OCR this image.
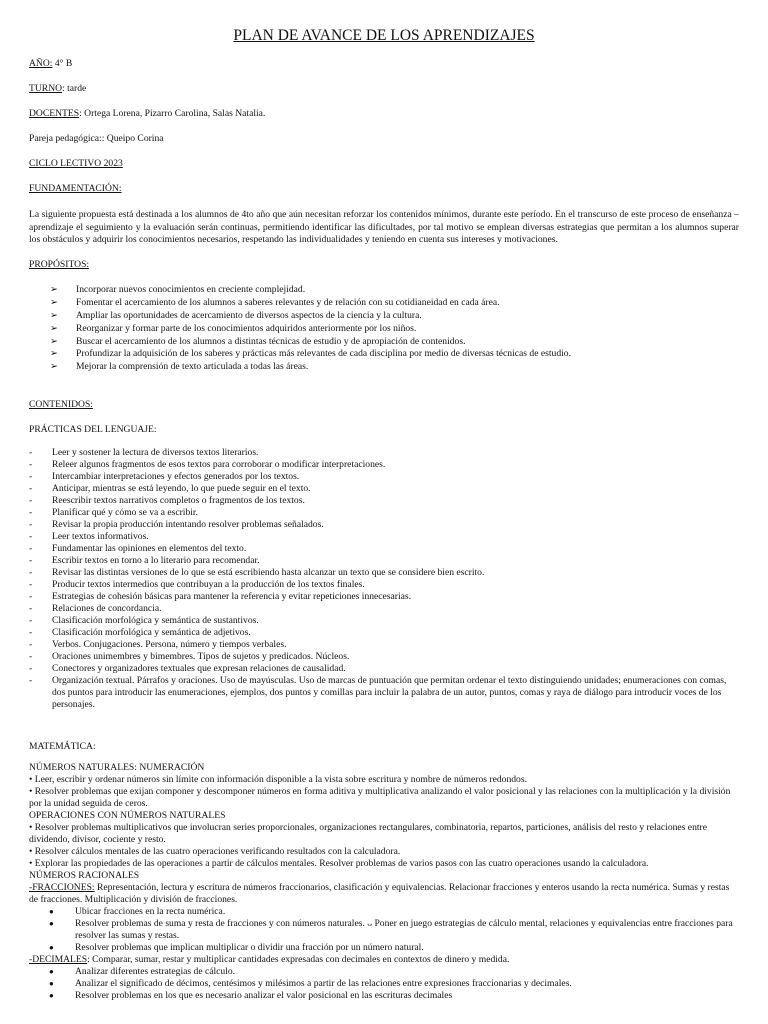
PLAN DE AVANCE DE LOS APRENDIZAJES
AÑO: 4° B
TURNO: tarde
DOCENTES: Ortega Lorena, Pizarro Carolina, Salas Natalia.
Pareja pedagógica:: Queipo Corina
CICLO LECTIVO 2023
FUNDAMENTACIÓN:
La siguiente propuesta está destinada a los alumnos de 4to año que aún necesitan reforzar los contenidos mínimos, durante este período. En el transcurso de este proceso de enseñanza – aprendizaje el seguimiento y la evaluación serán continuas, permitiendo identificar las dificultades, por tal motivo se emplean diversas estrategias que permitan a los alumnos superar los obstáculos y adquirir los conocimientos necesarios, respetando las individualidades y teniendo en cuenta sus intereses y motivaciones.
PROPÓSITOS:
➢ Incorporar nuevos conocimientos en creciente complejidad.
➢ Fomentar el acercamiento de los alumnos a saberes relevantes y de relación con su cotidianeidad en cada área.
➢ Ampliar las oportunidades de acercamiento de diversos aspectos de la ciencia y la cultura.
➢ Reorganizar y formar parte de los conocimientos adquiridos anteriormente por los niños.
➢ Buscar el acercamiento de los alumnos a distintas técnicas de estudio y de apropiación de contenidos.
➢ Profundizar la adquisición de los saberes y prácticas más relevantes de cada disciplina por medio de diversas técnicas de estudio.
➢ Mejorar la comprensión de texto articulada a todas las áreas.
CONTENIDOS:
PRÁCTICAS DEL LENGUAJE:
- Leer y sostener la lectura de diversos textos literarios.
- Releer algunos fragmentos de esos textos para corroborar o modificar interpretaciones.
- Intercambiar interpretaciones y efectos generados por los textos.
- Anticipar, mientras se está leyendo, lo que puede seguir en el texto.
- Reescribir textos narrativos completos o fragmentos de los textos.
- Planificar qué y cómo se va a escribir.
- Revisar la propia producción intentando resolver problemas señalados.
- Leer textos informativos.
- Fundamentar las opiniones en elementos del texto.
- Escribir textos en torno a lo literario para recomendar.
- Revisar las distintas versiones de lo que se está escribiendo hasta alcanzar un texto que se considere bien escrito.
- Producir textos intermedios que contribuyan a la producción de los textos finales.
- Estrategias de cohesión básicas para mantener la referencia y evitar repeticiones innecesarias.
- Relaciones de concordancia.
- Clasificación morfológica y semántica de sustantivos.
- Clasificación morfológica y semántica de adjetivos.
- Verbos. Conjugaciones. Persona, número y tiempos verbales.
- Oraciones unimembres y bimembres. Tipos de sujetos y predicados. Núcleos.
- Conectores y organizadores textuales que expresan relaciones de causalidad.
- Organización textual. Párrafos y oraciones. Uso de mayúsculas. Uso de marcas de puntuación que permitan ordenar el texto distinguiendo unidades; enumeraciones con comas, dos puntos para introducir las enumeraciones, ejemplos, dos puntos y comillas para incluir la palabra de un autor, puntos, comas y raya de diálogo para introducir voces de los personajes.
MATEMÁTICA:
NÚMEROS NATURALES: NUMERACIÓN
• Leer, escribir y ordenar números sin límite con información disponible a la vista sobre escritura y nombre de números redondos.
• Resolver problemas que exijan componer y descomponer números en forma aditiva y multiplicativa analizando el valor posicional y las relaciones con la multiplicación y la división por la unidad seguida de ceros.
OPERACIONES CON NÚMEROS NATURALES
• Resolver problemas multiplicativos que involucran series proporcionales, organizaciones rectangulares, combinatoria, repartos, particiones, análisis del resto y relaciones entre dividendo, divisor, cociente y resto.
• Resolver cálculos mentales de las cuatro operaciones verificando resultados con la calculadora.
• Explorar las propiedades de las operaciones a partir de cálculos mentales. Resolver problemas de varios pasos con las cuatro operaciones usando la calculadora.
NÚMEROS RACIONALES
-FRACCIONES: Representación, lectura y escritura de números fraccionarios, clasificación y equivalencias. Relacionar fracciones y enteros usando la recta numérica. Sumas y restas de fracciones. Multiplicación y división de fracciones.
● Ubicar fracciones en la recta numérica.
● Resolver problemas de suma y resta de fracciones y con números naturales. ᴗ Poner en juego estrategias de cálculo mental, relaciones y equivalencias entre fracciones para resolver las sumas y restas.
● Resolver problemas que implican multiplicar o dividir una fracción por un número natural.
-DECIMALES: Comparar, sumar, restar y multiplicar cantidades expresadas con decimales en contextos de dinero y medida.
● Analizar diferentes estrategias de cálculo.
● Analizar el significado de décimos, centésimos y milésimos a partir de las relaciones entre expresiones fraccionarias y decimales.
● Resolver problemas en los que es necesario analizar el valor posicional en las escrituras decimales
